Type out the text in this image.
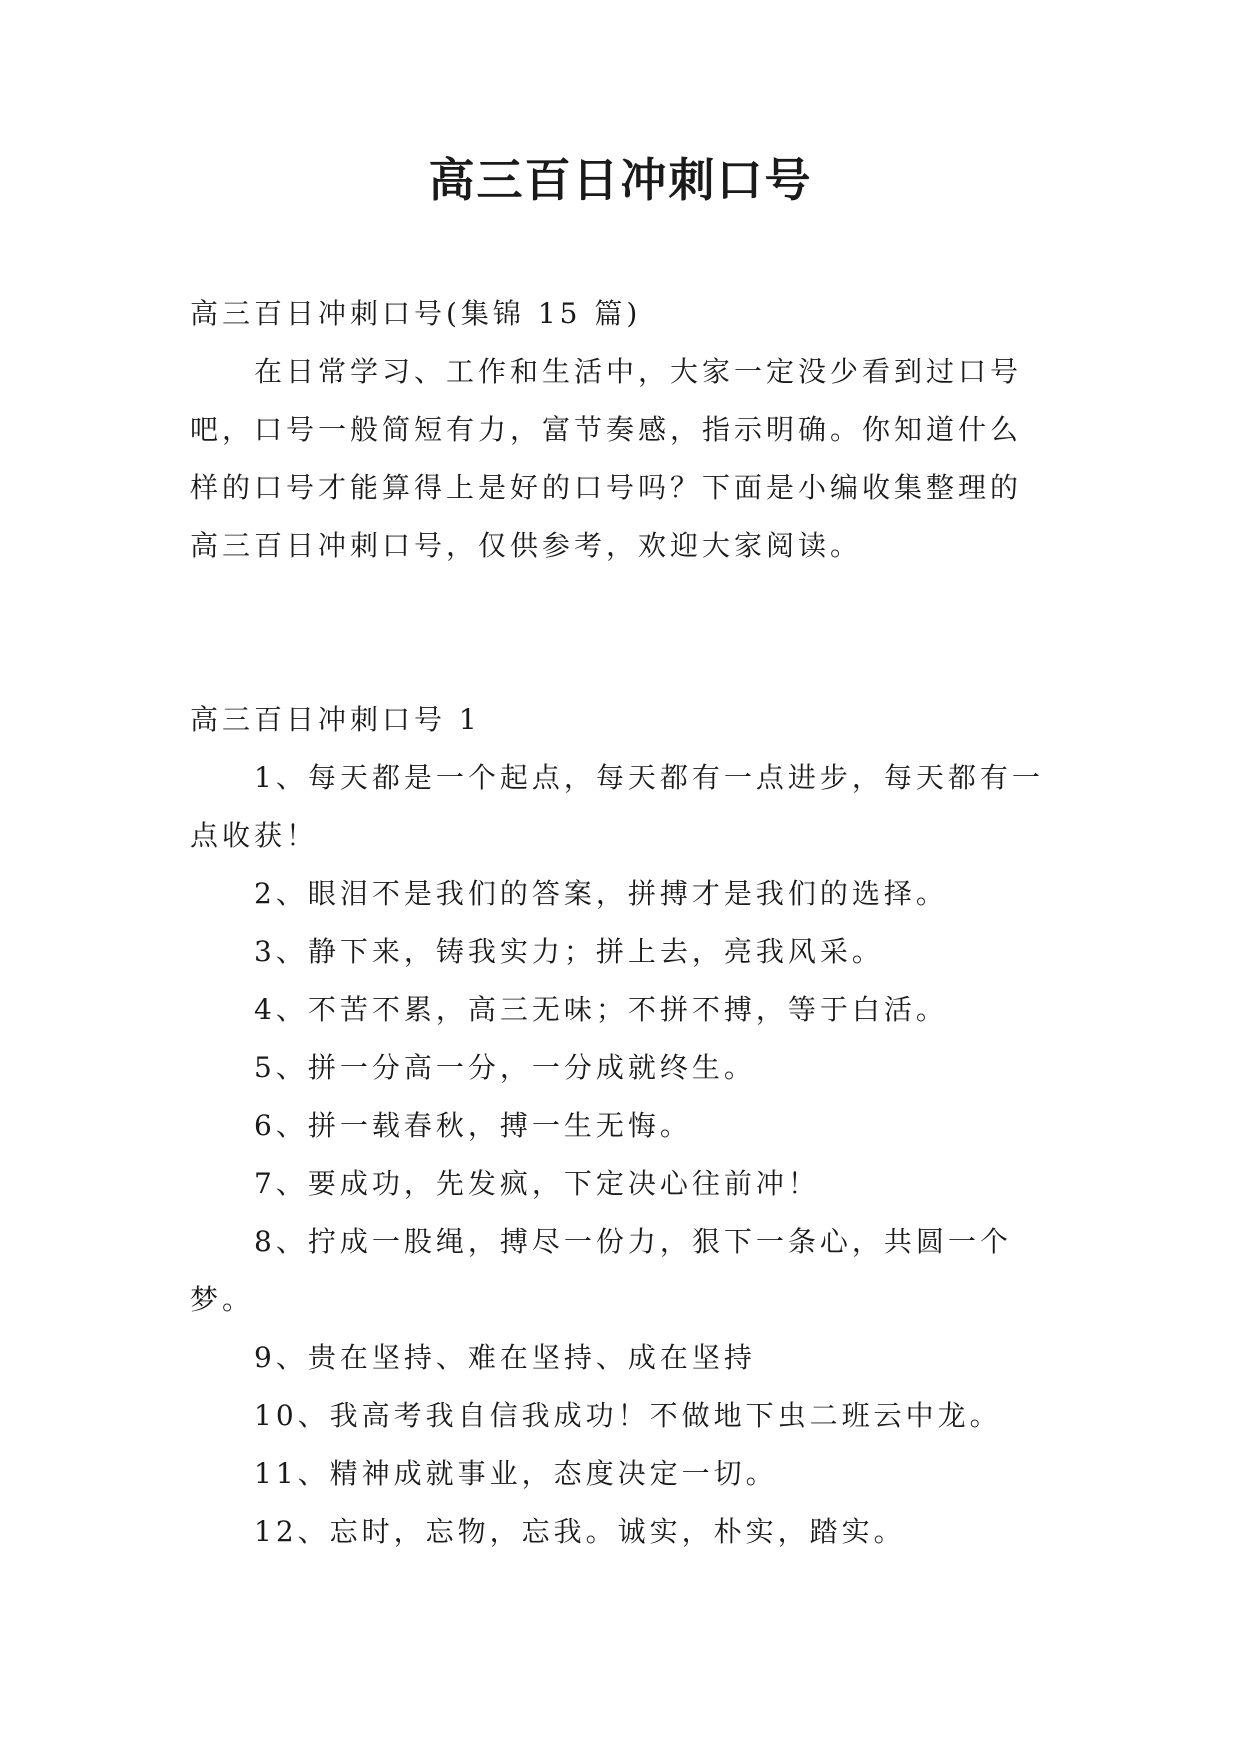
高三百日冲刺口号

高三百日冲刺口号(集锦 15 篇)

在日常学习、工作和生活中，大家一定没少看到过口号吧，口号一般简短有力，富节奏感，指示明确。你知道什么样的口号才能算得上是好的口号吗？下面是小编收集整理的高三百日冲刺口号，仅供参考，欢迎大家阅读。

高三百日冲刺口号 1

1、每天都是一个起点，每天都有一点进步，每天都有一点收获！

2、眼泪不是我们的答案，拼搏才是我们的选择。

3、静下来，铸我实力；拼上去，亮我风采。

4、不苦不累，高三无味；不拼不搏，等于白活。

5、拼一分高一分，一分成就终生。

6、拼一载春秋，搏一生无悔。

7、要成功，先发疯，下定决心往前冲！

8、拧成一股绳，搏尽一份力，狠下一条心，共圆一个梦。

9、贵在坚持、难在坚持、成在坚持

10、我高考我自信我成功！不做地下虫二班云中龙。

11、精神成就事业，态度决定一切。

12、忘时，忘物，忘我。诚实，朴实，踏实。
